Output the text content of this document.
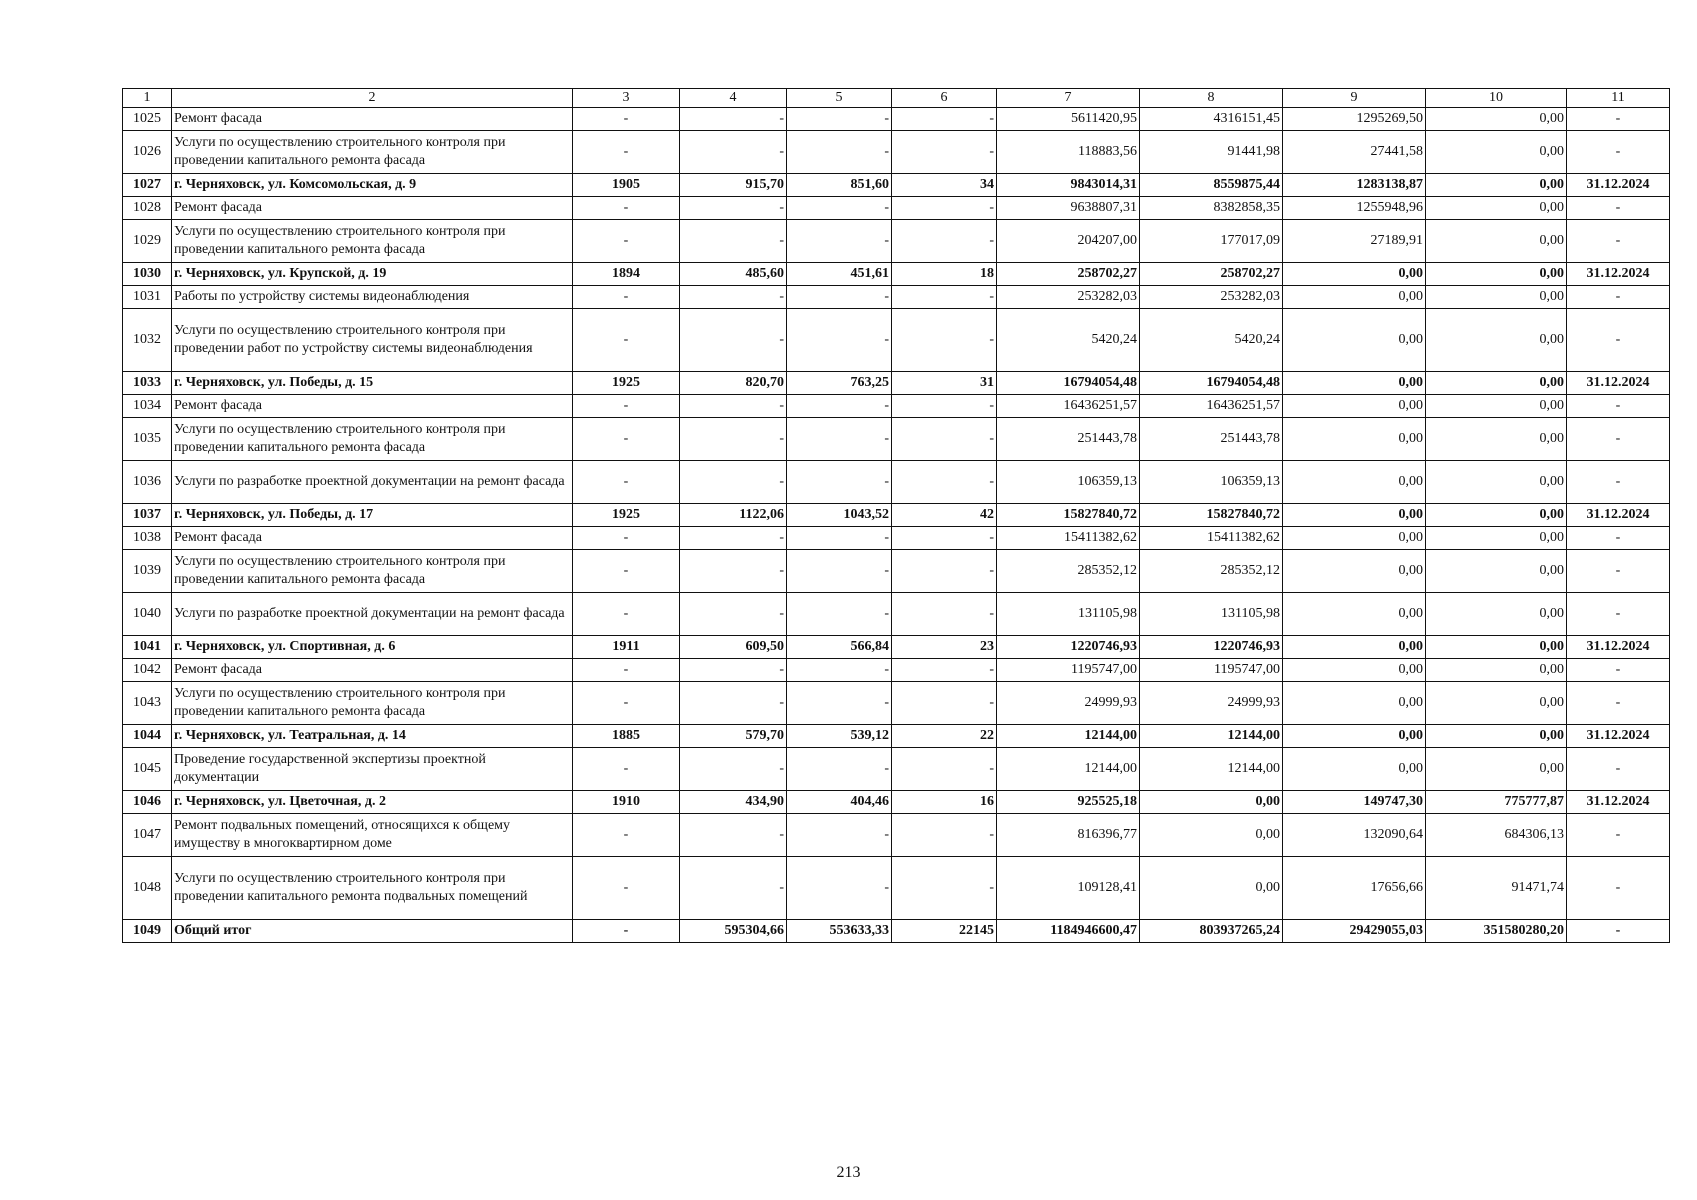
1	2	3	4	5	6	7	8	9	10	11
1025	Ремонт фасада	-	-	-	-	5611420,95	4316151,45	1295269,50	0,00	-
1026	Услуги по осуществлению строительного контроля при проведении капитального ремонта фасада	-	-	-	-	118883,56	91441,98	27441,58	0,00	-
1027	г. Черняховск, ул. Комсомольская, д. 9	1905	915,70	851,60	34	9843014,31	8559875,44	1283138,87	0,00	31.12.2024
1028	Ремонт фасада	-	-	-	-	9638807,31	8382858,35	1255948,96	0,00	-
1029	Услуги по осуществлению строительного контроля при проведении капитального ремонта фасада	-	-	-	-	204207,00	177017,09	27189,91	0,00	-
1030	г. Черняховск, ул. Крупской, д. 19	1894	485,60	451,61	18	258702,27	258702,27	0,00	0,00	31.12.2024
1031	Работы по устройству системы видеонаблюдения	-	-	-	-	253282,03	253282,03	0,00	0,00	-
1032	Услуги по осуществлению строительного контроля при проведении работ по устройству системы видеонаблюдения	-	-	-	-	5420,24	5420,24	0,00	0,00	-
1033	г. Черняховск, ул. Победы, д. 15	1925	820,70	763,25	31	16794054,48	16794054,48	0,00	0,00	31.12.2024
1034	Ремонт фасада	-	-	-	-	16436251,57	16436251,57	0,00	0,00	-
1035	Услуги по осуществлению строительного контроля при проведении капитального ремонта фасада	-	-	-	-	251443,78	251443,78	0,00	0,00	-
1036	Услуги по разработке проектной документации на ремонт фасада	-	-	-	-	106359,13	106359,13	0,00	0,00	-
1037	г. Черняховск, ул. Победы, д. 17	1925	1122,06	1043,52	42	15827840,72	15827840,72	0,00	0,00	31.12.2024
1038	Ремонт фасада	-	-	-	-	15411382,62	15411382,62	0,00	0,00	-
1039	Услуги по осуществлению строительного контроля при проведении капитального ремонта фасада	-	-	-	-	285352,12	285352,12	0,00	0,00	-
1040	Услуги по разработке проектной документации на ремонт фасада	-	-	-	-	131105,98	131105,98	0,00	0,00	-
1041	г. Черняховск, ул. Спортивная, д. 6	1911	609,50	566,84	23	1220746,93	1220746,93	0,00	0,00	31.12.2024
1042	Ремонт фасада	-	-	-	-	1195747,00	1195747,00	0,00	0,00	-
1043	Услуги по осуществлению строительного контроля при проведении капитального ремонта фасада	-	-	-	-	24999,93	24999,93	0,00	0,00	-
1044	г. Черняховск, ул. Театральная, д. 14	1885	579,70	539,12	22	12144,00	12144,00	0,00	0,00	31.12.2024
1045	Проведение государственной экспертизы проектной документации	-	-	-	-	12144,00	12144,00	0,00	0,00	-
1046	г. Черняховск, ул. Цветочная, д. 2	1910	434,90	404,46	16	925525,18	0,00	149747,30	775777,87	31.12.2024
1047	Ремонт подвальных помещений, относящихся к общему имуществу в многоквартирном доме	-	-	-	-	816396,77	0,00	132090,64	684306,13	-
1048	Услуги по осуществлению строительного контроля при проведении капитального ремонта подвальных помещений	-	-	-	-	109128,41	0,00	17656,66	91471,74	-
1049	Общий итог	-	595304,66	553633,33	22145	1184946600,47	803937265,24	29429055,03	351580280,20	-
213
